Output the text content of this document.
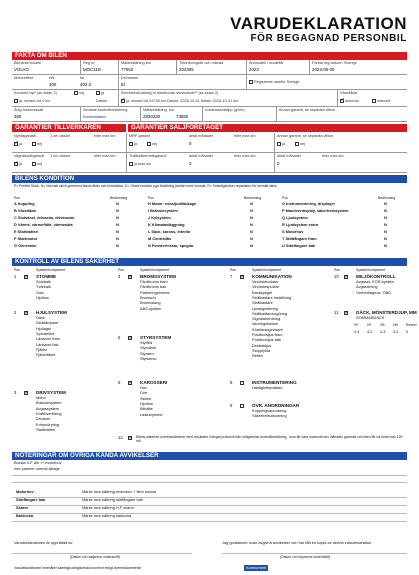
VARUDEKLARATION
FÖR BEGAGNAD PERSONBIL
FAKTA OM BILEN
Bilmärke/modell
VOLVO
Reg nr
MOC11G
Mätarställning km
77552
Tillverkningsår och månad
202305
Årsmodell / modellår
2023
Första reg datum i Sverige
2023-05-05
Motoreffekt	kW	hk
300	402.3
Drivmedel
El	Registrerat utanför Sverige
Kamrem byt* (se sidan 2)	nej	ja
ja, senast vid 0 km	Datum
Servicebok/utdrag ur elektronisk servicebok** (se sidan 2)
✓ja, senast vid 63748 km Datum: 2025-10-31 Nästa: 2026-10-31 km
Växellåda
✓automat	manuell
Årlig fordonsskatt
360
Senaste kontrollbesiktning
Kontrolldatum
Mätarställning, km
2830330	73550
Koldioxidutsläpp (g/km)	Annan garanti, se separata villkor
GARANTIER TILLVERKAREN	GARANTIER SÄLJFÖRETAGET
Nybilsgaranti	1 om datum	eller max km
✓ja	nej
MRF-garanti	antal månader	eller max km
ja	nej	0
Annan garanti, se separata villkor
ja	nej
Vagnskadegaranti 1 om datum	eller max km
✓ja	nej
Trafiksäkerhetsgaranti	antal månader	eller max km
ja max km	0
antal månader	eller max km
0
BILENS KONDITION
P= Perfekt Skick, N= Normalt skick gentemot bilens ålder och körsträcka, O= Okänt funktion pga förslitning jämfört med normalt, R= Felaktig/kräver reparation för normalt skick
Pos	Bedömning
A Koppling	N
B Växellåda	N
C Slutväxel, drivaxlar, drivknutar	N
D Värme, värmefläkt, värmesäts	N
E Startbatteri	N
F Startmotor	N
G Generator	N
Pos	Bedömning
H Motor: missljud/läckage	N
I Bränslesystem	N
J Kylsystem	N
K Klimatanläggning	N
L Säck, kaross, interiör	N
M Centrallås	N
N Fönsterhissar, speglar	N
Pos	Bedömning
O Instrumentering, displayer	N
P Manöverdisplay, säkerhetssystem	N
Q Ljudsystem	N
R Ljudsystem extra	N
S Motorhuv	N
T Stötfångare fram	N
U Stötfångare bak	N
KONTROLL AV BILENS SÄKERHET
Pos	System/komponent	Pos	System/komponent	Pos	System/komponent	Pos	System/komponent
1 ✓	STOMME
Sidobalk
Tvärbalk
Golv
Hjulhus
2 ✓	HJULSYSTEM
Däck
Stötdämpare
Hjullager
Spindelled
Länkarm fram
Länkarm bak
Fjäder
Fjäderfäste
3 ✓	DRIVSYSTEM
Motor
Bränslesystem
Avgassystem
Kraftöverföring
Drivaxel
Enforsörjning
Startbatteri
4 ✓	BROMSSYSTEM
Färdbroms fram
Färdbroms bak
Parkeringsbroms
Bromsrör
Bromsslang
ABS-system
5 ✓	STYRSYSTEM
Styrled
Styrväxel
Styrarm
Styrservo
6 ✓	KAROSSERI
Huv
Dörr
Skärm
Hjulhus
Bilbälte
Lastutrymme
7 ✓	KOMMUNIKATION
Vindrutetorkare
Vindrutespolare
Backspegel
Strålkastare inställning
Strålkastare
Ljussignalering
Strålkastarrengöring
Signalanordning
Varningsblinker
Körriktningsvisare
Positionsljus fram
Positionsljus bak
Dimbakljus
Stopplykta
Reflex
8	INSTRUMENTERING
Hastighetsmätare
9	ÖVR. ANORDNINGAR
Kopplingsanordning
Säkerhetsutrustning
10 ✓	MILJÖKONTROLL
Avgaser, EGR-system
Avgasrening
Omfordiagnos, OBD
11 ✓	DÄCK, MÖNSTERDJUP, MM
SOMMARDÄCK
VF
4.4
HF
4.2
VB
4.3
HB
4.2
Reserv
0
12 ✓	Bilens säkerhet överensstämmer med resultatet i bifogat protokoll från obligatorisk kontrollbesiktning , som får vara maximalt sex månader gammal och bilen får ha körts max 100 mil.
NOTERINGAR OM ÖVRIGA KÄNDA AVVIKELSER
Buckla V-F dör r+ motorhuv
inre paneler normal slitage
Motorhuv	Märke lack bättring motorhuv + liten buckla
Stötfångare bak	Märke lack bättring stötfångare bak
Skärm	Märke lack bättring H.F skärm
Baklucka	Märke lack bättring baklucka
Varudeklarationen är upprättad av
(Datum och säljarens underskrift)
Jag godkänner ovan avgivna avvikelser och har fått en kopia av denna varudeklaration
(Datum och köparens underskrift)
Varudeklarationen innehåller samtliga obligatoriska moment enligt överenskommelse	Konsument
